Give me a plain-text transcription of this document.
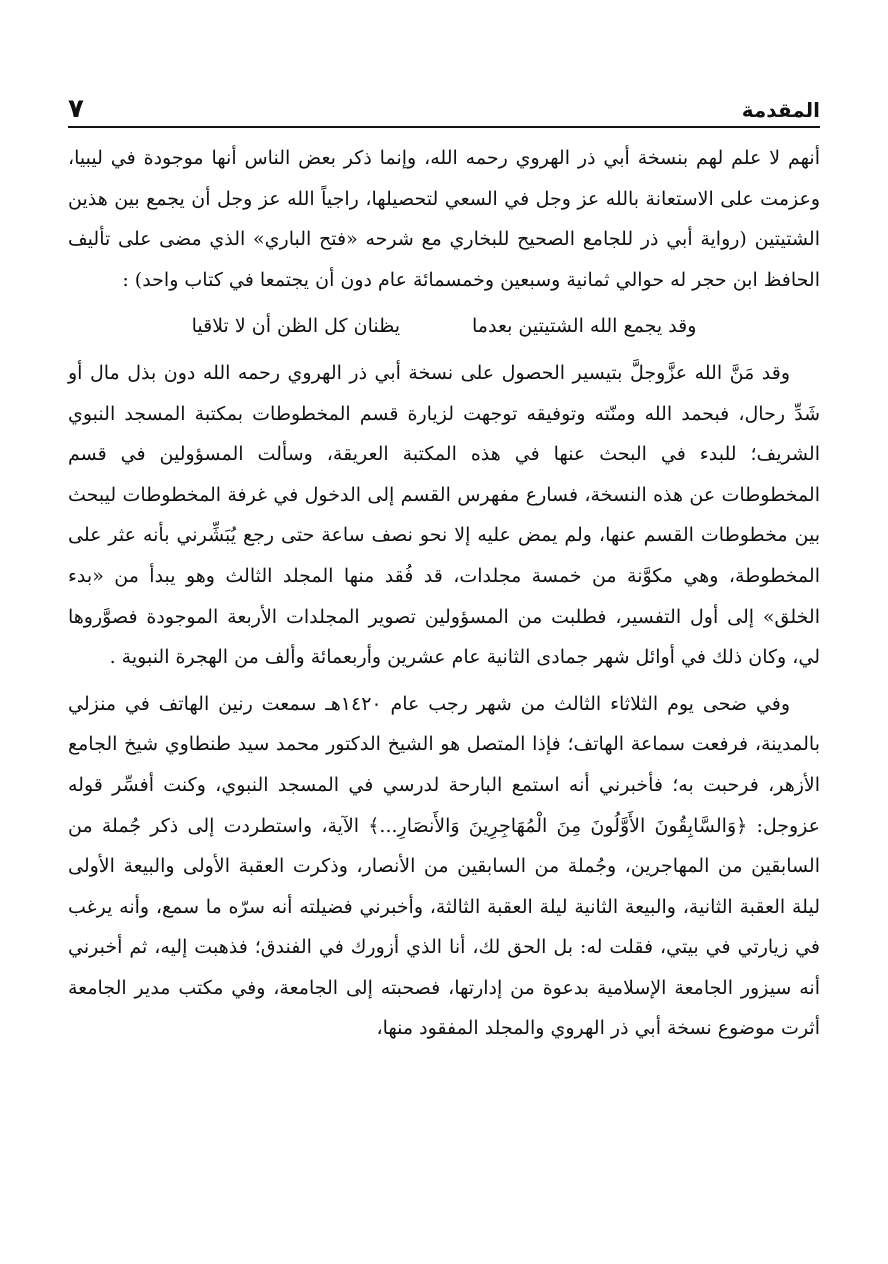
المقدمة
٧

أنهم لا علم لهم بنسخة أبي ذر الهروي رحمه الله، وإنما ذكر بعض الناس أنها موجودة في ليبيا، وعزمت على الاستعانة بالله عز وجل في السعي لتحصيلها، راجياً الله عز وجل أن يجمع بين هذين الشتيتين (رواية أبي ذر للجامع الصحيح للبخاري مع شرحه «فتح الباري» الذي مضى على تأليف الحافظ ابن حجر له حوالي ثمانية وسبعين وخمسمائة عام دون أن يجتمعا في كتاب واحد) :

وقد يجمع الله الشتيتين بعدما
يظنان كل الظن أن لا تلاقيا

وقد مَنَّ الله عزَّوجلَّ بتيسير الحصول على نسخة أبي ذر الهروي رحمه الله دون بذل مال أو شَدِّ رحال، فبحمد الله ومنّته وتوفيقه توجهت لزيارة قسم المخطوطات بمكتبة المسجد النبوي الشريف؛ للبدء في البحث عنها في هذه المكتبة العريقة، وسألت المسؤولين في قسم المخطوطات عن هذه النسخة، فسارع مفهرس القسم إلى الدخول في غرفة المخطوطات ليبحث بين مخطوطات القسم عنها، ولم يمض عليه إلا نحو نصف ساعة حتى رجع يُبَشِّرني بأنه عثر على المخطوطة، وهي مكوَّنة من خمسة مجلدات، قد فُقد منها المجلد الثالث وهو يبدأ من «بدء الخلق» إلى أول التفسير، فطلبت من المسؤولين تصوير المجلدات الأربعة الموجودة فصوَّروها لي، وكان ذلك في أوائل شهر جمادى الثانية عام عشرين وأربعمائة وألف من الهجرة النبوية .

وفي ضحى يوم الثلاثاء الثالث من شهر رجب عام ١٤٢٠هـ سمعت رنين الهاتف في منزلي بالمدينة، فرفعت سماعة الهاتف؛ فإذا المتصل هو الشيخ الدكتور محمد سيد طنطاوي شيخ الجامع الأزهر، فرحبت به؛ فأخبرني أنه استمع البارحة لدرسي في المسجد النبوي، وكنت أفسِّر قوله عزوجل: ﴿وَالسَّابِقُونَ الأَوَّلُونَ مِنَ الْمُهَاجِرِينَ وَالأَنصَارِ...﴾ الآية، واستطردت إلى ذكر جُملة من السابقين من المهاجرين، وجُملة من السابقين من الأنصار، وذكرت العقبة الأولى والبيعة الأولى ليلة العقبة الثانية، والبيعة الثانية ليلة العقبة الثالثة، وأخبرني فضيلته أنه سرّه ما سمع، وأنه يرغب في زيارتي في بيتي، فقلت له: بل الحق لك، أنا الذي أزورك في الفندق؛ فذهبت إليه، ثم أخبرني أنه سيزور الجامعة الإسلامية بدعوة من إدارتها، فصحبته إلى الجامعة، وفي مكتب مدير الجامعة أثرت موضوع نسخة أبي ذر الهروي والمجلد المفقود منها،
